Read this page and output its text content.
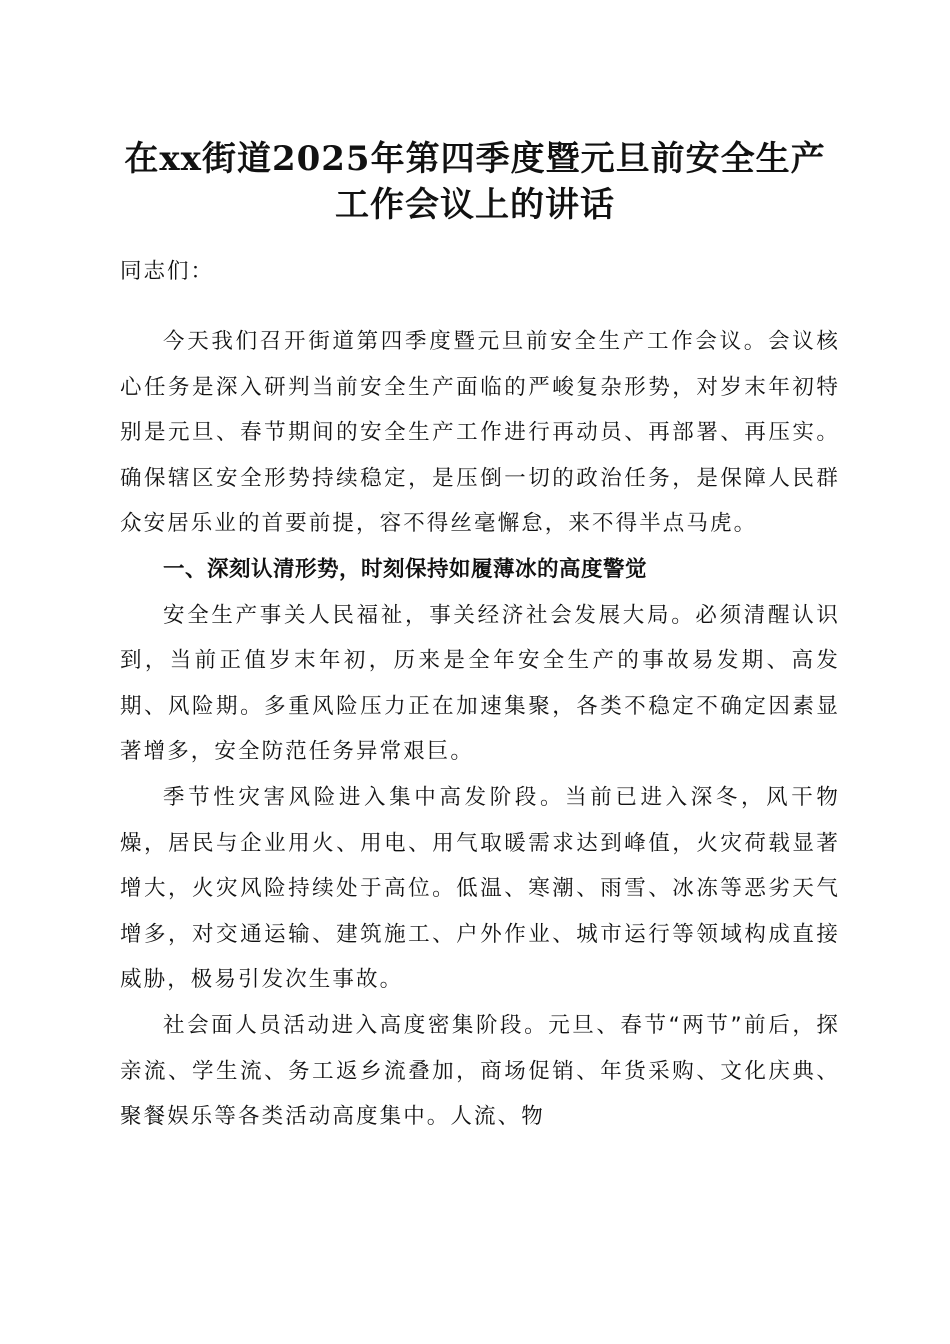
在xx街道2025年第四季度暨元旦前安全生产
工作会议上的讲话
同志们：

今天我们召开街道第四季度暨元旦前安全生产工作会议。会议核心任务是深入研判当前安全生产面临的严峻复杂形势，对岁末年初特别是元旦、春节期间的安全生产工作进行再动员、再部署、再压实。确保辖区安全形势持续稳定，是压倒一切的政治任务，是保障人民群众安居乐业的首要前提，容不得丝毫懈怠，来不得半点马虎。

一、深刻认清形势，时刻保持如履薄冰的高度警觉

安全生产事关人民福祉，事关经济社会发展大局。必须清醒认识到，当前正值岁末年初，历来是全年安全生产的事故易发期、高发期、风险期。多重风险压力正在加速集聚，各类不稳定不确定因素显著增多，安全防范任务异常艰巨。

季节性灾害风险进入集中高发阶段。当前已进入深冬，风干物燥，居民与企业用火、用电、用气取暖需求达到峰值，火灾荷载显著增大，火灾风险持续处于高位。低温、寒潮、雨雪、冰冻等恶劣天气增多，对交通运输、建筑施工、户外作业、城市运行等领域构成直接威胁，极易引发次生事故。

社会面人员活动进入高度密集阶段。元旦、春节“两节”前后，探亲流、学生流、务工返乡流叠加，商场促销、年货采购、文化庆典、聚餐娱乐等各类活动高度集中。人流、物
